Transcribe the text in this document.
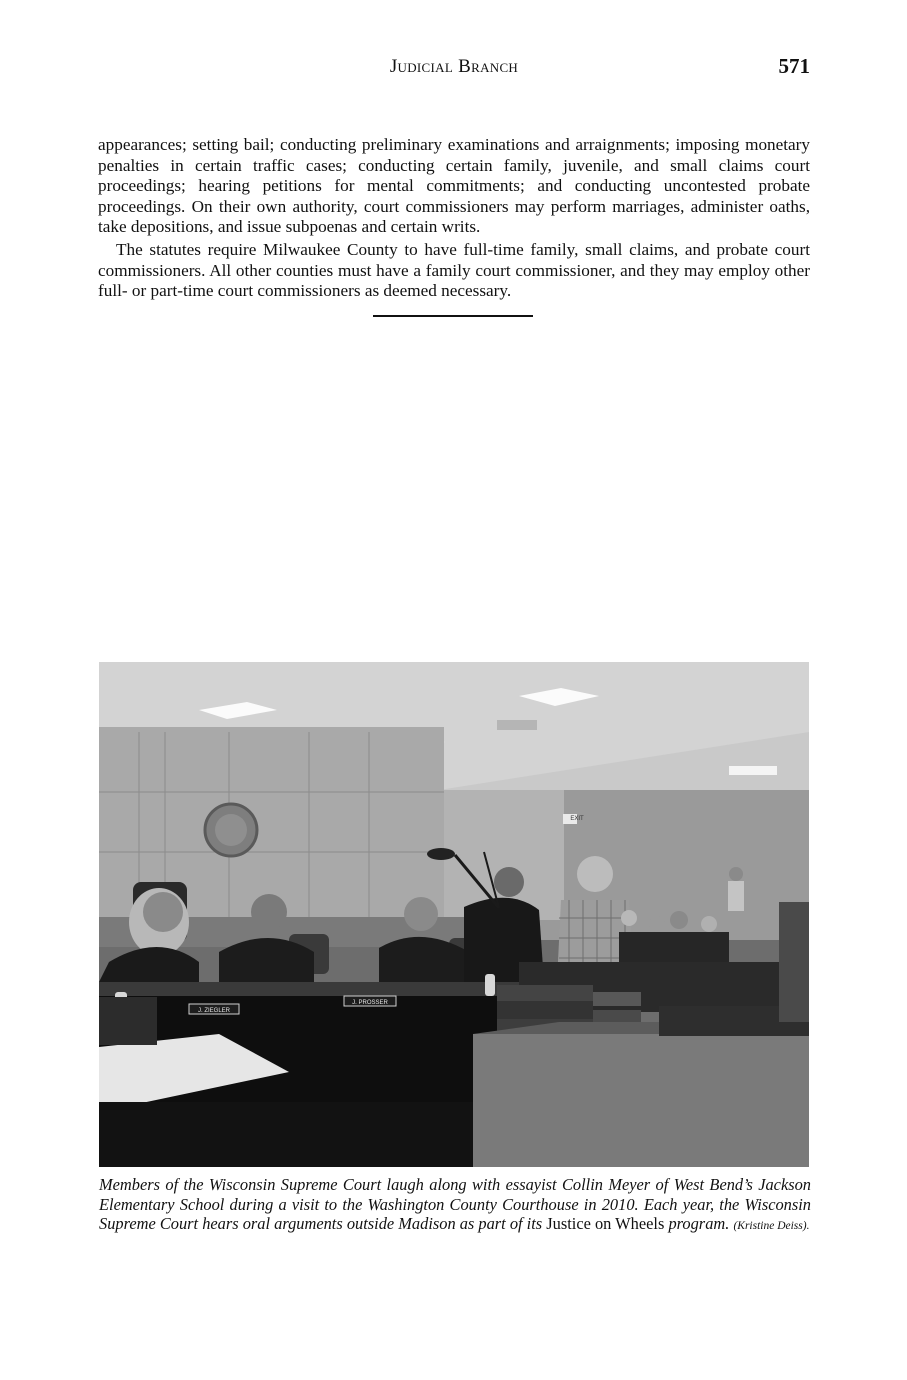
Judicial Branch	571

appearances; setting bail; conducting preliminary examinations and arraignments; imposing monetary penalties in certain traffic cases; conducting certain family, juvenile, and small claims court proceedings; hearing petitions for mental commitments; and conducting uncontested probate proceedings. On their own authority, court commissioners may perform marriages, administer oaths, take depositions, and issue subpoenas and certain writs.

The statutes require Milwaukee County to have full-time family, small claims, and probate court commissioners. All other counties must have a family court commissioner, and they may employ other full- or part-time court commissioners as deemed necessary.

J. ZIEGLER
J. PROSSER
EXIT
Members of the Wisconsin Supreme Court laugh along with essayist Collin Meyer of West Bend’s Jackson Elementary School during a visit to the Washington County Courthouse in 2010. Each year, the Wisconsin Supreme Court hears oral arguments outside Madison as part of its Justice on Wheels program. (Kristine Deiss).
